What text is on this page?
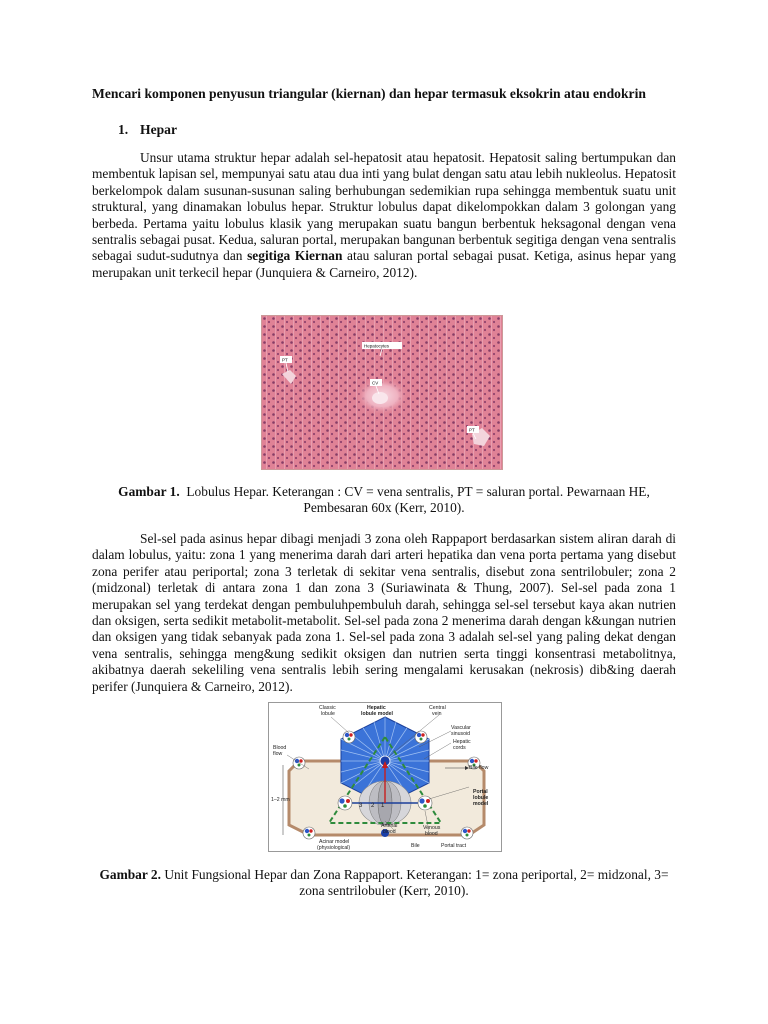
Mencari komponen penyusun triangular (kiernan) dan hepar termasuk eksokrin atau endokrin
1. Hepar

Unsur utama struktur hepar adalah sel-hepatosit atau hepatosit. Hepatosit saling bertumpukan dan membentuk lapisan sel, mempunyai satu atau dua inti yang bulat dengan satu atau lebih nukleolus. Hepatosit berkelompok dalam susunan-susunan saling berhubungan sedemikian rupa sehingga membentuk suatu unit struktural, yang dinamakan lobulus hepar. Struktur lobulus dapat dikelompokkan dalam 3 golongan yang berbeda. Pertama yaitu lobulus klasik yang merupakan suatu bangun berbentuk heksagonal dengan vena sentralis sebagai pusat. Kedua, saluran portal, merupakan bangunan berbentuk segitiga dengan vena sentralis sebagai sudut-sudutnya dan segitiga Kiernan atau saluran portal sebagai pusat. Ketiga, asinus hepar yang merupakan unit terkecil hepar (Junquiera & Carneiro, 2012).

Hepatocytes
PT
CV
PT

Gambar 1. Lobulus Hepar. Keterangan : CV = vena sentralis, PT = saluran portal. Pewarnaan HE, Pembesaran 60x (Kerr, 2010).

Sel-sel pada asinus hepar dibagi menjadi 3 zona oleh Rappaport berdasarkan sistem aliran darah di dalam lobulus, yaitu: zona 1 yang menerima darah dari arteri hepatika dan vena porta pertama yang disebut zona perifer atau periportal; zona 3 terletak di sekitar vena sentralis, disebut zona sentrilobuler; zona 2 (midzonal) terletak di antara zona 1 dan zona 3 (Suriawinata & Thung, 2007). Sel-sel pada zona 1 merupakan sel yang terdekat dengan pembuluhpembuluh darah, sehingga sel-sel tersebut kaya akan nutrien dan oksigen, serta sedikit metabolit-metabolit. Sel-sel pada zona 2 menerima darah dengan k&ungan nutrien dan oksigen yang tidak sebanyak pada zona 1. Sel-sel pada zona 3 adalah sel-sel yang paling dekat dengan vena sentralis, sehingga meng&ung sedikit oksigen dan nutrien serta tinggi konsentrasi metabolitnya, akibatnya daerah sekeliling vena sentralis lebih sering mengalami kerusakan (nekrosis) dib&ing daerah perifer (Junquiera & Carneiro, 2012).

Classic
lobule
Hepatic
lobule model
Central
vein
Vascular
sinusoid
Hepatic
cords
Bile flow
Blood
flow
1–2 mm
3 2 1
Portal
lobule
model
Arterial
blood
Venous
blood
Acinar model
(physiological)	Bile	Portal tract

Gambar 2. Unit Fungsional Hepar dan Zona Rappaport. Keterangan: 1= zona periportal, 2= midzonal, 3= zona sentrilobuler (Kerr, 2010).
